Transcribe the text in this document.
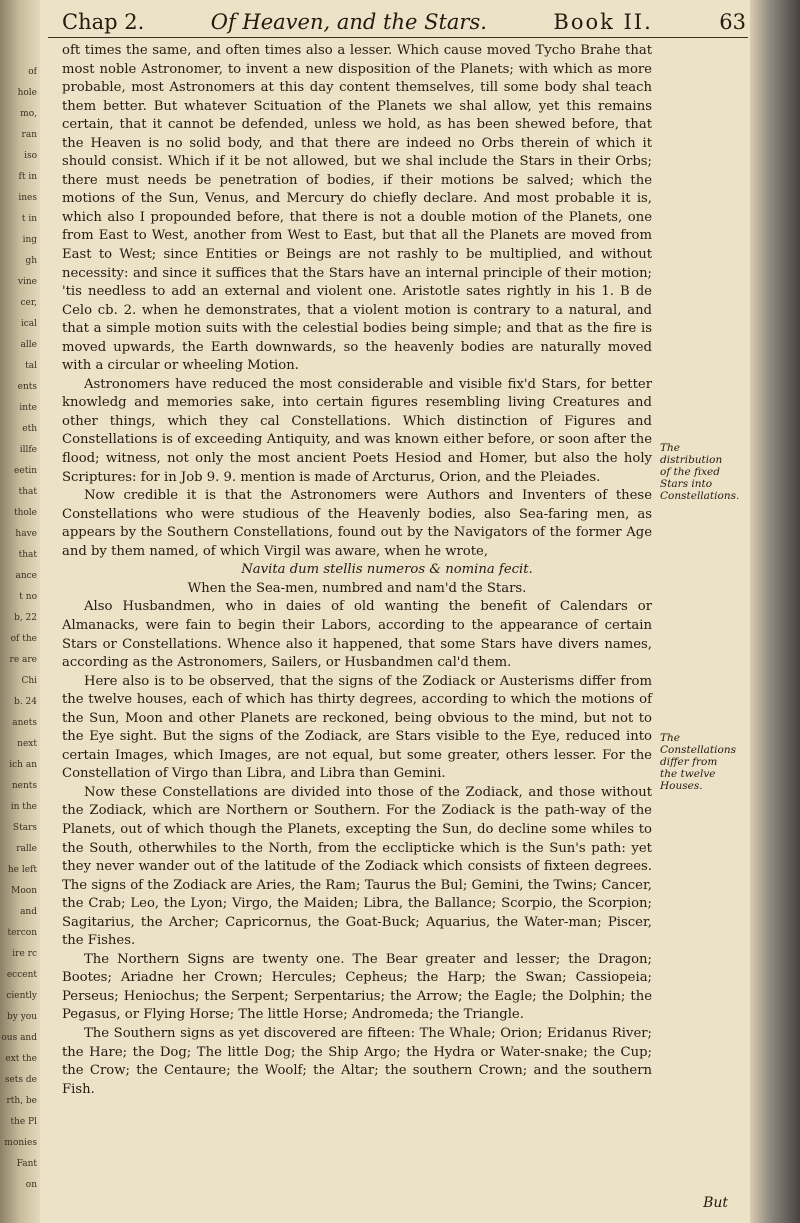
of
hole
mo,
ran
iso
ft in
ines
t in
ing
gh
vine
cer,
ical
alle
tal
ents
inte
eth
illfe
eetin
that
thole
have
that
ance
t no
b, 22
of the
re are
Chi
b. 24
anets
next
ich an
nents
in the
Stars
ralle
he left
Moon
and
tercon
ire rc
eccent
ciently
by you
ous and
ext the
sets de
rth, be
the Pl
monies
Fant
on
Chap 2.	Of Heaven, and the Stars.	Book II.	63

oft times the same, and often times also a lesser. Which cause moved Tycho Brahe that most noble Astronomer, to invent a new disposition of the Planets; with which as more probable, most Astronomers at this day content themselves, till some body shal teach them better. But whatever Scituation of the Planets we shal allow, yet this remains certain, that it cannot be defended, unless we hold, as has been shewed before, that the Heaven is no solid body, and that there are indeed no Orbs therein of which it should consist. Which if it be not allowed, but we shal include the Stars in their Orbs; there must needs be penetration of bodies, if their motions be salved; which the motions of the Sun, Venus, and Mercury do chiefly declare. And most probable it is, which also I propounded before, that there is not a double motion of the Planets, one from East to West, another from West to East, but that all the Planets are moved from East to West; since Entities or Beings are not rashly to be multiplied, and without necessity: and since it suffices that the Stars have an internal principle of their motion; 'tis needless to add an external and violent one. Aristotle sates rightly in his 1. B de Celo cb. 2. when he demonstrates, that a violent motion is contrary to a natural, and that a simple motion suits with the celestial bodies being simple; and that as the fire is moved upwards, the Earth downwards, so the heavenly bodies are naturally moved with a circular or wheeling Motion.

Astronomers have reduced the most considerable and visible fix'd Stars, for better knowledg and memories sake, into certain figures resembling living Creatures and other things, which they cal Constellations. Which distinction of Figures and Constellations is of exceeding Antiquity, and was known either before, or soon after the flood; witness, not only the most ancient Poets Hesiod and Homer, but also the holy Scriptures: for in Job 9. 9. mention is made of Arcturus, Orion, and the Pleiades.

Now credible it is that the Astronomers were Authors and Inventers of these Constellations who were studious of the Heavenly bodies, also Sea-faring men, as appears by the Southern Constellations, found out by the Navigators of the former Age and by them named, of which Virgil was aware, when he wrote,

Navita dum stellis numeros & nomina fecit.

When the Sea-men, numbred and nam'd the Stars.

Also Husbandmen, who in daies of old wanting the benefit of Calendars or Almanacks, were fain to begin their Labors, according to the appearance of certain Stars or Constellations. Whence also it happened, that some Stars have divers names, according as the Astronomers, Sailers, or Husbandmen cal'd them.

Here also is to be observed, that the signs of the Zodiack or Austerisms differ from the twelve houses, each of which has thirty degrees, according to which the motions of the Sun, Moon and other Planets are reckoned, being obvious to the mind, but not to the Eye sight. But the signs of the Zodiack, are Stars visible to the Eye, reduced into certain Images, which Images, are not equal, but some greater, others lesser. For the Constellation of Virgo than Libra, and Libra than Gemini.

Now these Constellations are divided into those of the Zodiack, and those without the Zodiack, which are Northern or Southern. For the Zodiack is the path-way of the Planets, out of which though the Planets, excepting the Sun, do decline some whiles to the South, otherwhiles to the North, from the ecclipticke which is the Sun's path: yet they never wander out of the latitude of the Zodiack which consists of fixteen degrees. The signs of the Zodiack are Aries, the Ram; Taurus the Bul; Gemini, the Twins; Cancer, the Crab; Leo, the Lyon; Virgo, the Maiden; Libra, the Ballance; Scorpio, the Scorpion; Sagitarius, the Archer; Capricornus, the Goat-Buck; Aquarius, the Water-man; Piscer, the Fishes.

The Northern Signs are twenty one. The Bear greater and lesser; the Dragon; Bootes; Ariadne her Crown; Hercules; Cepheus; the Harp; the Swan; Cassiopeia; Perseus; Heniochus; the Serpent; Serpentarius; the Arrow; the Eagle; the Dolphin; the Pegasus, or Flying Horse; The little Horse; Andromeda; the Triangle.

The Southern signs as yet discovered are fifteen: The Whale; Orion; Eridanus River; the Hare; the Dog; The little Dog; the Ship Argo; the Hydra or Water-snake; the Cup; the Crow; the Centaure; the Woolf; the Altar; the southern Crown; and the southern Fish.

The distribution of the fixed Stars into Constellations.
The Constellations differ from the twelve Houses.
But
